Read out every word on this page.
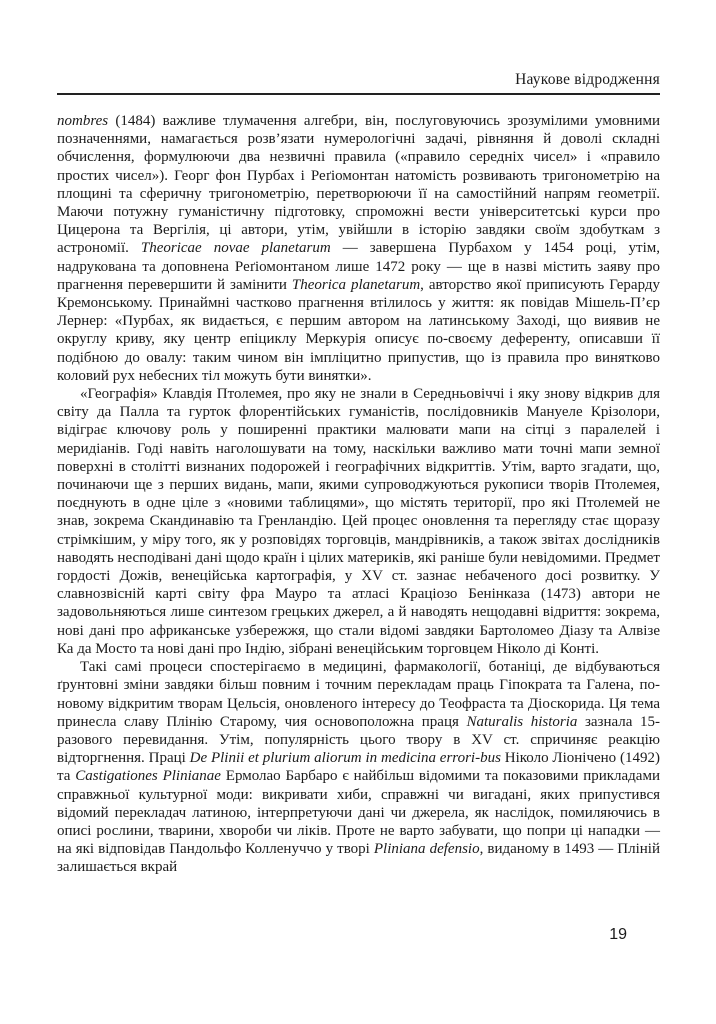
Наукове відродження

nombres (1484) важливе тлумачення алгебри, він, послуговуючись зрозумілими умовними позначеннями, намагається розв’язати нумерологічні задачі, рівняння й доволі складні обчислення, формулюючи два незвичні правила («правило середніх чисел» і «правило простих чисел»). Георг фон Пурбах і Реґіомонтан натомість розвивають тригонометрію на площині та сферичну тригонометрію, перетворюючи її на самостійний напрям геометрії. Маючи потужну гуманістичну підготовку, спроможні вести університетські курси про Цицерона та Вергілія, ці автори, утім, увійшли в історію завдяки своїм здобуткам з астрономії. Theoricae novae planetarum — завершена Пурбахом у 1454 році, утім, надрукована та доповнена Реґіомонтаном лише 1472 року — ще в назві містить заяву про прагнення перевершити й замінити Theorica planetarum, авторство якої приписують Герарду Кремонському. Принаймні частково прагнення втілилось у життя: як повідав Мішель-П’єр Лернер: «Пурбах, як видається, є першим автором на латинському Заході, що виявив не округлу криву, яку центр епіциклу Меркурія описує по-своєму деференту, описавши її подібною до овалу: таким чином він імпліцитно припустив, що із правила про винятково коловий рух небесних тіл можуть бути винятки».

«Географія» Клавдія Птолемея, про яку не знали в Середньовіччі і яку знову відкрив для світу да Палла та гурток флорентійських гуманістів, послідовників Мануеле Крізолори, відіграє ключову роль у поширенні практики малювати мапи на сітці з паралелей і меридіанів. Годі навіть наголошувати на тому, наскільки важливо мати точні мапи земної поверхні в столітті визнаних подорожей і географічних відкриттів. Утім, варто згадати, що, починаючи ще з перших видань, мапи, якими супроводжуються рукописи творів Птолемея, поєднують в одне ціле з «новими таблицями», що містять території, про які Птолемей не знав, зокрема Скандинавію та Гренландію. Цей процес оновлення та перегляду стає щоразу стрімкішим, у міру того, як у розповідях торговців, мандрівників, а також звітах дослідників наводять несподівані дані щодо країн і цілих материків, які раніше були невідомими. Предмет гордості Дожів, венеційська картографія, у XV ст. зазнає небаченого досі розвитку. У славнозвісній карті світу фра Мауро та атласі Краціозо Бенінказа (1473) автори не задовольняються лише синтезом грецьких джерел, а й наводять нещодавні відриття: зокрема, нові дані про африканське узбережжя, що стали відомі завдяки Бартоломео Діазу та Алвізе Ка да Мосто та нові дані про Індію, зібрані венеційським торговцем Ніколо ді Конті.

Такі самі процеси спостерігаємо в медицині, фармакології, ботаніці, де відбуваються ґрунтовні зміни завдяки більш повним і точним перекладам праць Гіпократа та Галена, по-новому відкритим творам Цельсія, оновленого інтересу до Теофраста та Діоскорида. Ця тема принесла славу Плінію Старому, чия основоположна праця Naturalis historia зазнала 15-разового перевидання. Утім, популярність цього твору в XV ст. спричиняє реакцію відторгнення. Праці De Plinii et plurium aliorum in medicina errori-bus Ніколо Ліонічено (1492) та Castigationes Plinianae Ермолао Барбаро є найбільш відомими та показовими прикладами справжньої культурної моди: викривати хиби, справжні чи вигадані, яких припустився відомий перекладач латиною, інтерпретуючи дані чи джерела, як наслідок, помиляючись в описі рослини, тварини, хвороби чи ліків. Проте не варто забувати, що попри ці нападки — на які відповідав Пандольфо Колленуччо у творі Pliniana defensio, виданому в 1493 — Пліній залишається вкрай

19
